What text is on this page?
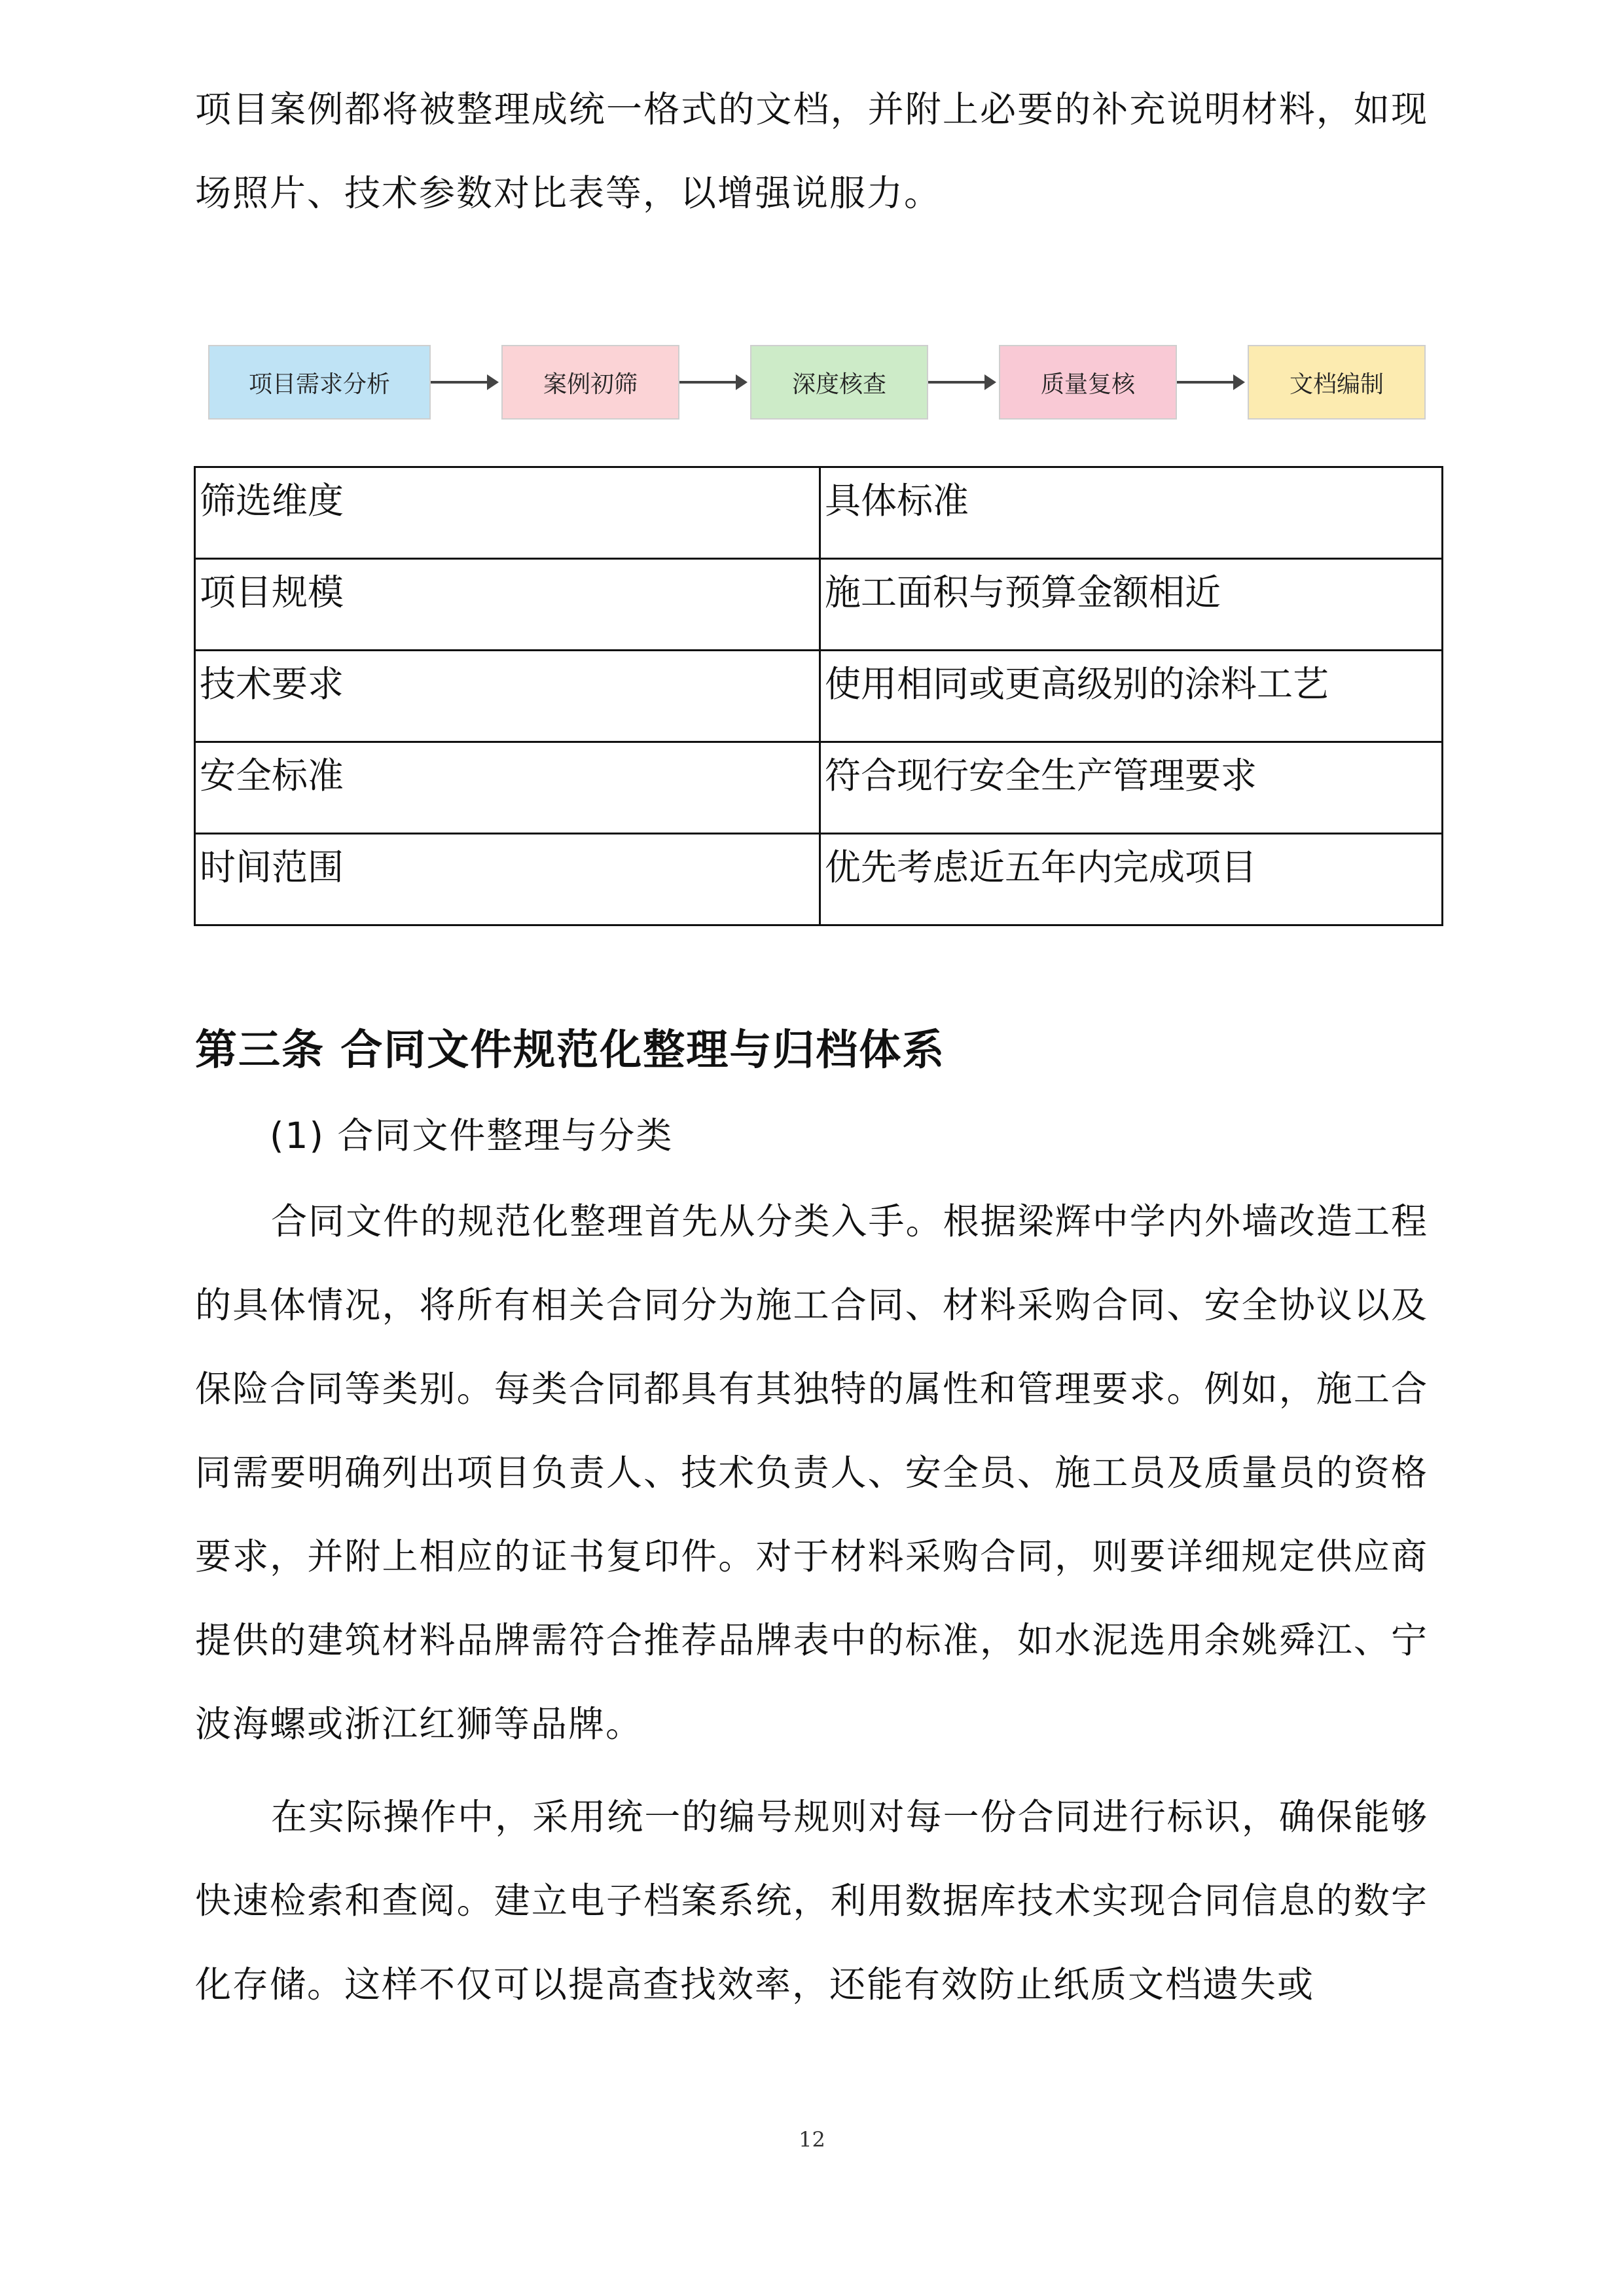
项目案例都将被整理成统一格式的文档，并附上必要的补充说明材料，如现场照片、技术参数对比表等，以增强说服力。

项目需求分析	案例初筛	深度核查	质量复核	文档编制
筛选维度	具体标准
项目规模	施工面积与预算金额相近
技术要求	使用相同或更高级别的涂料工艺
安全标准	符合现行安全生产管理要求
时间范围	优先考虑近五年内完成项目
第三条 合同文件规范化整理与归档体系

(1) 合同文件整理与分类

合同文件的规范化整理首先从分类入手。根据梁辉中学内外墙改造工程的具体情况，将所有相关合同分为施工合同、材料采购合同、安全协议以及保险合同等类别。每类合同都具有其独特的属性和管理要求。例如，施工合同需要明确列出项目负责人、技术负责人、安全员、施工员及质量员的资格要求，并附上相应的证书复印件。对于材料采购合同，则要详细规定供应商提供的建筑材料品牌需符合推荐品牌表中的标准，如水泥选用余姚舜江、宁波海螺或浙江红狮等品牌。

在实际操作中，采用统一的编号规则对每一份合同进行标识，确保能够快速检索和查阅。建立电子档案系统，利用数据库技术实现合同信息的数字化存储。这样不仅可以提高查找效率，还能有效防止纸质文档遗失或

12
